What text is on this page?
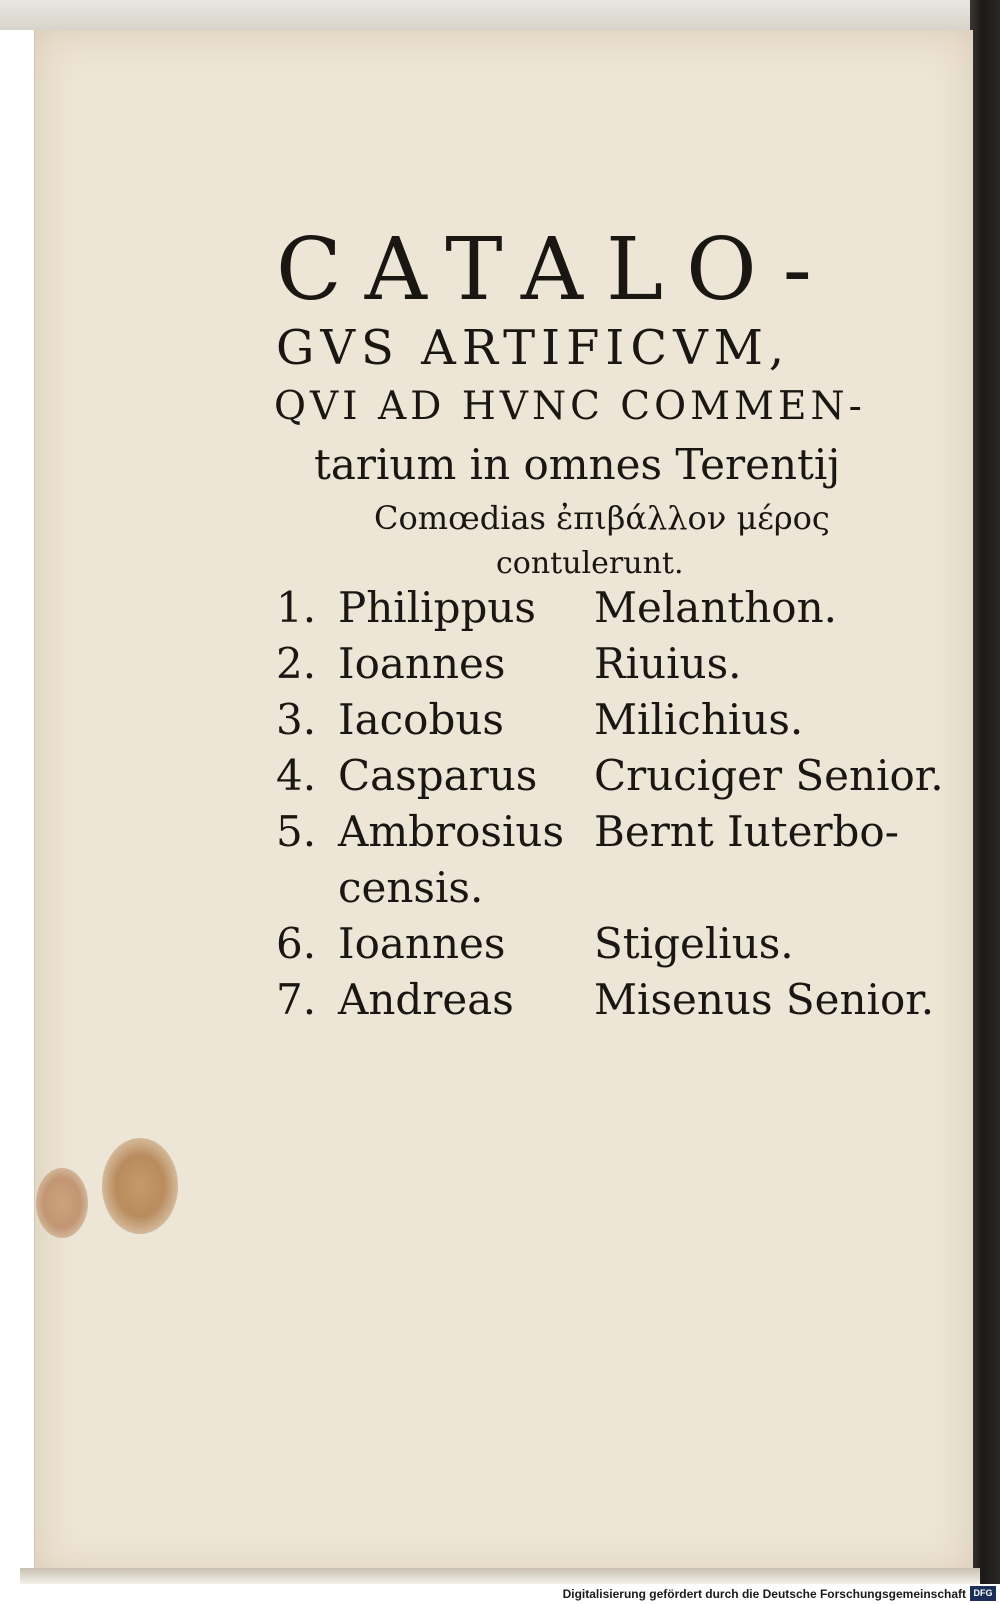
CATALO-
GVS ARTIFICVM,
QVI AD HVNC COMMEN-
tarium in omnes Terentij
Comœdias ἐπιβάλλον μέρος
contulerunt.
1. Philippus Melanthon.
2. Ioannes Riuius.
3. Iacobus Milichius.
4. Casparus Cruciger Senior.
5. Ambrosius Bernt Iuterbo-
censis.
6. Ioannes Stigelius.
7. Andreas Misenus Senior.
Digitalisierung gefördert durch die Deutsche Forschungsgemeinschaft DFG
